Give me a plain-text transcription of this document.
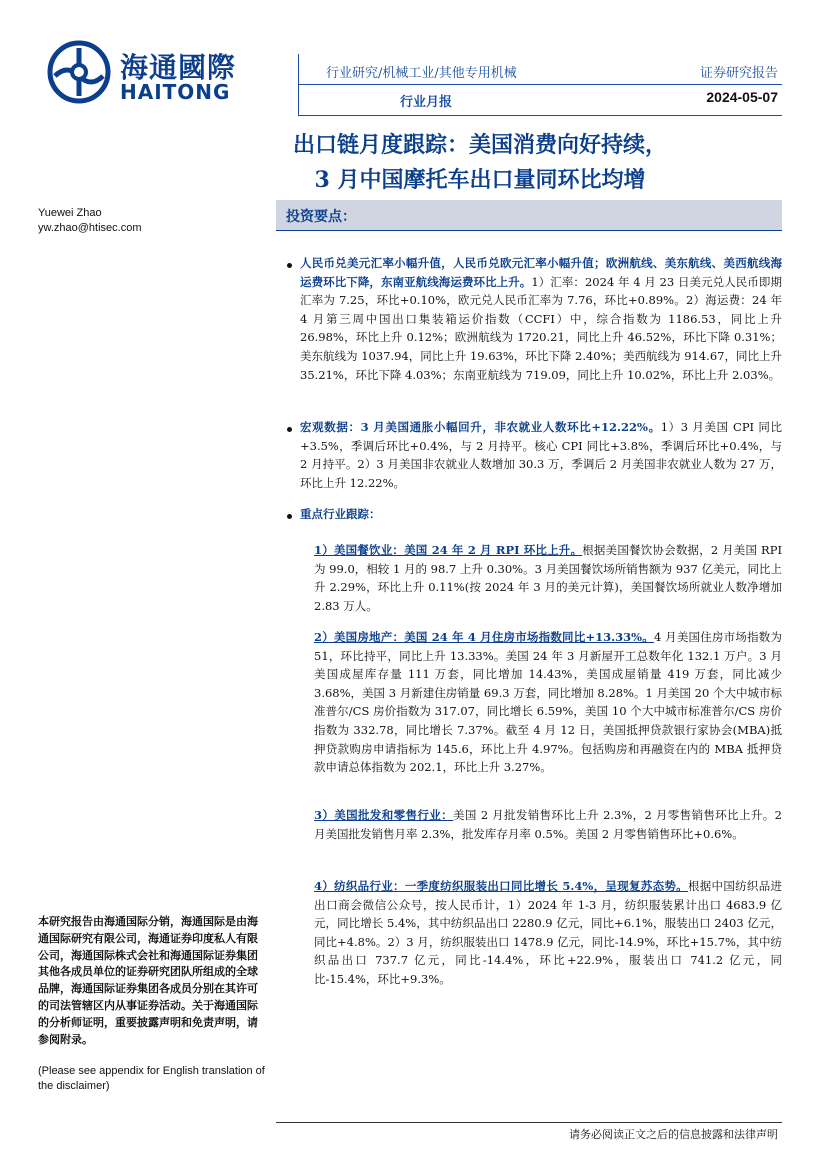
海通國際
HAITONG
行业研究/机械工业/其他专用机械	证券研究报告
行业月报	2024-05-07
出口链月度跟踪：美国消费向好持续，
3 月中国摩托车出口量同环比均增
Yuewei Zhao
yw.zhao@htisec.com
投资要点：
人民币兑美元汇率小幅升值，人民币兑欧元汇率小幅升值；欧洲航线、美东航线、美西航线海运费环比下降，东南亚航线海运费环比上升。1）汇率：2024 年 4 月 23 日美元兑人民币即期汇率为 7.25，环比+0.10%，欧元兑人民币汇率为 7.76，环比+0.89%。2）海运费：24 年 4 月第三周中国出口集装箱运价指数（CCFI）中，综合指数为 1186.53，同比上升 26.98%，环比上升 0.12%；欧洲航线为 1720.21，同比上升 46.52%，环比下降 0.31%；美东航线为 1037.94，同比上升 19.63%，环比下降 2.40%；美西航线为 914.67，同比上升 35.21%，环比下降 4.03%；东南亚航线为 719.09，同比上升 10.02%，环比上升 2.03%。
宏观数据：3 月美国通胀小幅回升，非农就业人数环比+12.22%。1）3 月美国 CPI 同比+3.5%，季调后环比+0.4%，与 2 月持平。核心 CPI 同比+3.8%，季调后环比+0.4%，与 2 月持平。2）3 月美国非农就业人数增加 30.3 万，季调后 2 月美国非农就业人数为 27 万，环比上升 12.22%。
重点行业跟踪：
1）美国餐饮业：美国 24 年 2 月 RPI 环比上升。根据美国餐饮协会数据，2 月美国 RPI 为 99.0，相较 1 月的 98.7 上升 0.30%。3 月美国餐饮场所销售额为 937 亿美元，同比上升 2.29%，环比上升 0.11%(按 2024 年 3 月的美元计算)，美国餐饮场所就业人数净增加 2.83 万人。
2）美国房地产：美国 24 年 4 月住房市场指数同比+13.33%。4 月美国住房市场指数为 51，环比持平，同比上升 13.33%。美国 24 年 3 月新屋开工总数年化 132.1 万户。3 月美国成屋库存量 111 万套，同比增加 14.43%，美国成屋销量 419 万套，同比减少 3.68%，美国 3 月新建住房销量 69.3 万套，同比增加 8.28%。1 月美国 20 个大中城市标准普尔/CS 房价指数为 317.07，同比增长 6.59%，美国 10 个大中城市标准普尔/CS 房价指数为 332.78，同比增长 7.37%。截至 4 月 12 日，美国抵押贷款银行家协会(MBA)抵押贷款购房申请指标为 145.6，环比上升 4.97%。包括购房和再融资在内的 MBA 抵押贷款申请总体指数为 202.1，环比上升 3.27%。
3）美国批发和零售行业：美国 2 月批发销售环比上升 2.3%，2 月零售销售环比上升。2 月美国批发销售月率 2.3%，批发库存月率 0.5%。美国 2 月零售销售环比+0.6%。
4）纺织品行业：一季度纺织服装出口同比增长 5.4%，呈现复苏态势。根据中国纺织品进出口商会微信公众号，按人民币计，1）2024 年 1-3 月，纺织服装累计出口 4683.9 亿元，同比增长 5.4%，其中纺织品出口 2280.9 亿元，同比+6.1%，服装出口 2403 亿元，同比+4.8%。2）3 月，纺织服装出口 1478.9 亿元，同比-14.9%，环比+15.7%，其中纺织品出口 737.7 亿元，同比-14.4%，环比+22.9%，服装出口 741.2 亿元，同比-15.4%，环比+9.3%。
本研究报告由海通国际分销，海通国际是由海通国际研究有限公司，海通证券印度私人有限公司，海通国际株式会社和海通国际证券集团其他各成员单位的证券研究团队所组成的全球品牌，海通国际证券集团各成员分别在其许可的司法管辖区内从事证券活动。关于海通国际的分析师证明，重要披露声明和免责声明，请参阅附录。
(Please see appendix for English translation of the disclaimer)
请务必阅读正文之后的信息披露和法律声明
